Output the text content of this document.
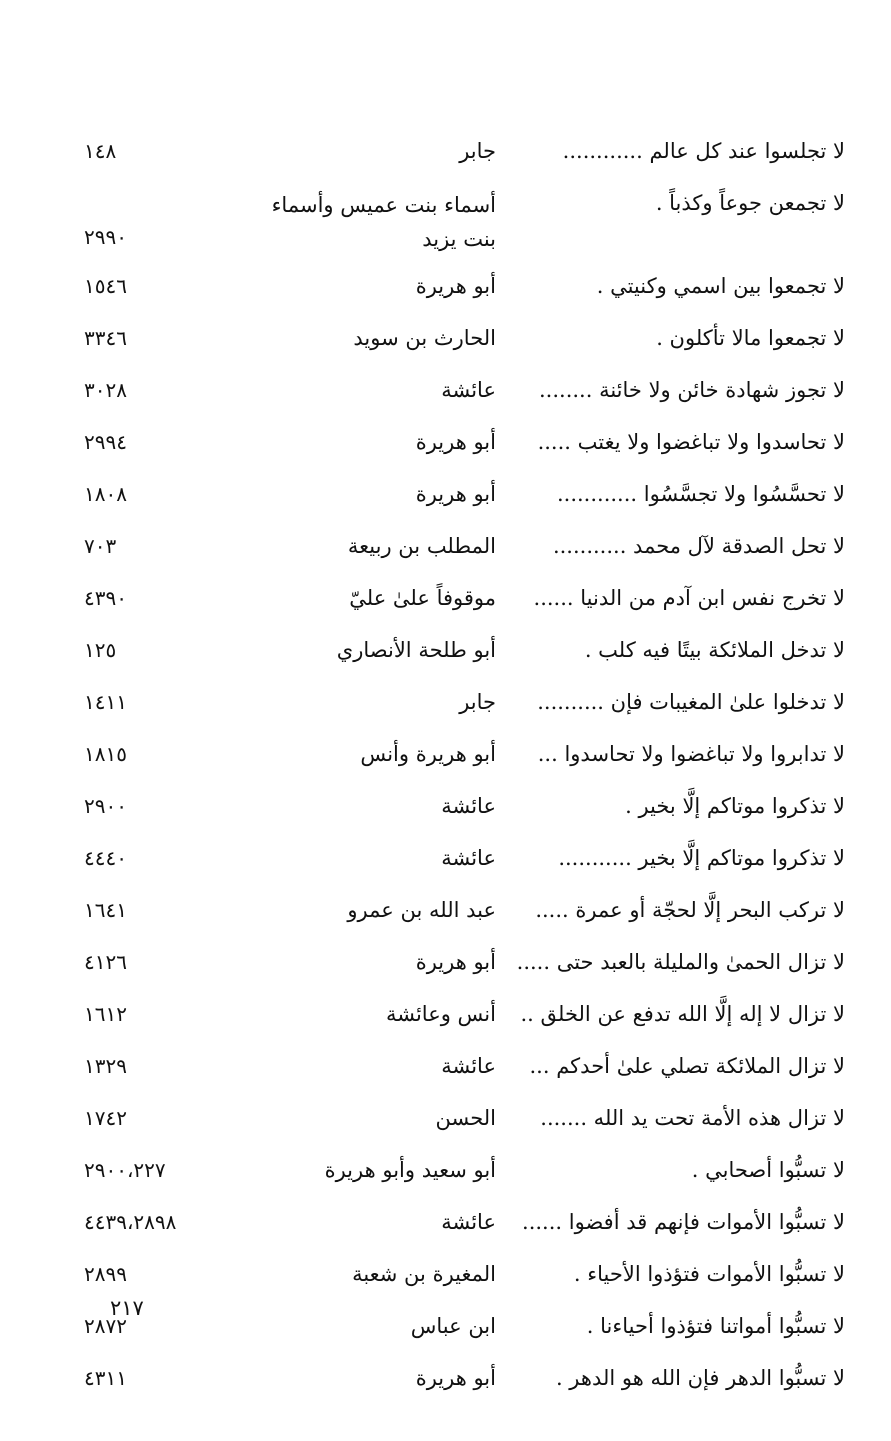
لا تجلسوا عند كل عالم ............
جابر
١٤٨
لا تجمعن جوعاً وكذباً .
أسماء بنت عميس وأسماء بنت يزيد
٢٩٩٠
لا تجمعوا بين اسمي وكنيتي .
أبو هريرة
١٥٤٦
لا تجمعوا مالا تأكلون .
الحارث بن سويد
٣٣٤٦
لا تجوز شهادة خائن ولا خائنة ........
عائشة
٣٠٢٨
لا تحاسدوا ولا تباغضوا ولا يغتب .....
أبو هريرة
٢٩٩٤
لا تحسَّسُوا ولا تجسَّسُوا ............
أبو هريرة
١٨٠٨
لا تحل الصدقة لآل محمد ...........
المطلب بن ربيعة
٧٠٣
لا تخرج نفس ابن آدم من الدنيا ......
موقوفاً علىٰ عليّ
٤٣٩٠
لا تدخل الملائكة بيتًا فيه كلب .
أبو طلحة الأنصاري
١٢٥
لا تدخلوا علىٰ المغيبات فإن ..........
جابر
١٤١١
لا تدابروا ولا تباغضوا ولا تحاسدوا ...
أبو هريرة وأنس
١٨١٥
لا تذكروا موتاكم إلَّا بخير .
عائشة
٢٩٠٠
لا تذكروا موتاكم إلَّا بخير ...........
عائشة
٤٤٤٠
لا تركب البحر إلَّا لحجّة أو عمرة .....
عبد الله بن عمرو
١٦٤١
لا تزال الحمىٰ والمليلة بالعبد حتى .....
أبو هريرة
٤١٢٦
لا تزال لا إله إلَّا الله تدفع عن الخلق ..
أنس وعائشة
١٦١٢
لا تزال الملائكة تصلي علىٰ أحدكم ...
عائشة
١٣٢٩
لا تزال هذه الأمة تحت يد الله .......
الحسن
١٧٤٢
لا تسبُّوا أصحابي .
أبو سعيد وأبو هريرة
٢٩٠٠،٢٢٧
لا تسبُّوا الأموات فإنهم قد أفضوا ......
عائشة
٤٤٣٩،٢٨٩٨
لا تسبُّوا الأموات فتؤذوا الأحياء .
المغيرة بن شعبة
٢٨٩٩
لا تسبُّوا أمواتنا فتؤذوا أحياءنا .
ابن عباس
٢٨٧٢
لا تسبُّوا الدهر فإن الله هو الدهر .
أبو هريرة
٤٣١١
٢١٧
